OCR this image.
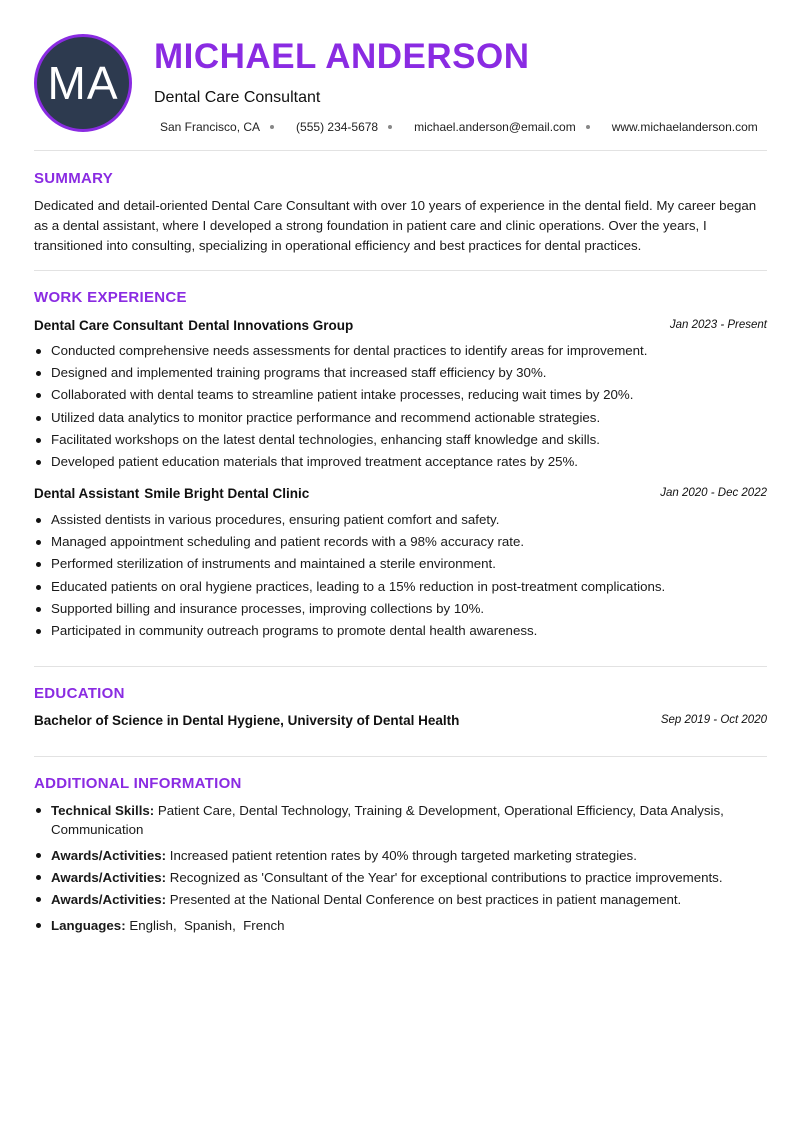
MA
MICHAEL ANDERSON
Dental Care Consultant
San Francisco, CA	(555) 234-5678	michael.anderson@email.com	www.michaelanderson.com
SUMMARY
Dedicated and detail-oriented Dental Care Consultant with over 10 years of experience in the dental field. My career began as a dental assistant, where I developed a strong foundation in patient care and clinic operations. Over the years, I transitioned into consulting, specializing in operational efficiency and best practices for dental practices.
WORK EXPERIENCE
Dental Care Consultant Dental Innovations Group	Jan 2023 - Present
Conducted comprehensive needs assessments for dental practices to identify areas for improvement.
Designed and implemented training programs that increased staff efficiency by 30%.
Collaborated with dental teams to streamline patient intake processes, reducing wait times by 20%.
Utilized data analytics to monitor practice performance and recommend actionable strategies.
Facilitated workshops on the latest dental technologies, enhancing staff knowledge and skills.
Developed patient education materials that improved treatment acceptance rates by 25%.
Dental Assistant Smile Bright Dental Clinic	Jan 2020 - Dec 2022
Assisted dentists in various procedures, ensuring patient comfort and safety.
Managed appointment scheduling and patient records with a 98% accuracy rate.
Performed sterilization of instruments and maintained a sterile environment.
Educated patients on oral hygiene practices, leading to a 15% reduction in post-treatment complications.
Supported billing and insurance processes, improving collections by 10%.
Participated in community outreach programs to promote dental health awareness.
EDUCATION
Bachelor of Science in Dental Hygiene, University of Dental Health	Sep 2019 - Oct 2020
ADDITIONAL INFORMATION
Technical Skills: Patient Care, Dental Technology, Training & Development, Operational Efficiency, Data Analysis, Communication
Awards/Activities: Increased patient retention rates by 40% through targeted marketing strategies.
Awards/Activities: Recognized as 'Consultant of the Year' for exceptional contributions to practice improvements.
Awards/Activities: Presented at the National Dental Conference on best practices in patient management.
Languages: English,  Spanish,  French
